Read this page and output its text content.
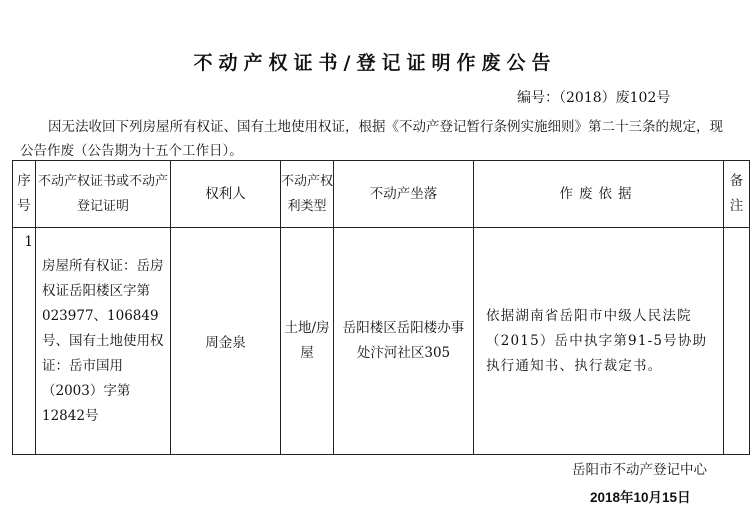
不动产权证书/登记证明作废公告
编号：（2018）废102号
因无法收回下列房屋所有权证、国有土地使用权证，根据《不动产登记暂行条例实施细则》第二十三条的规定，现公告作废（公告期为十五个工作日）。
序号	不动产权证书或不动产登记证明	权利人	不动产权利类型	不动产坐落	作废依据	备注
1	房屋所有权证：岳房权证岳阳楼区字第023977、106849号、国有土地使用权证：岳市国用（2003）字第12842号	周金泉	土地/房屋	岳阳楼区岳阳楼办事处汴河社区305	依据湖南省岳阳市中级人民法院（2015）岳中执字第91-5号协助执行通知书、执行裁定书。	
岳阳市不动产登记中心
2018年10月15日
